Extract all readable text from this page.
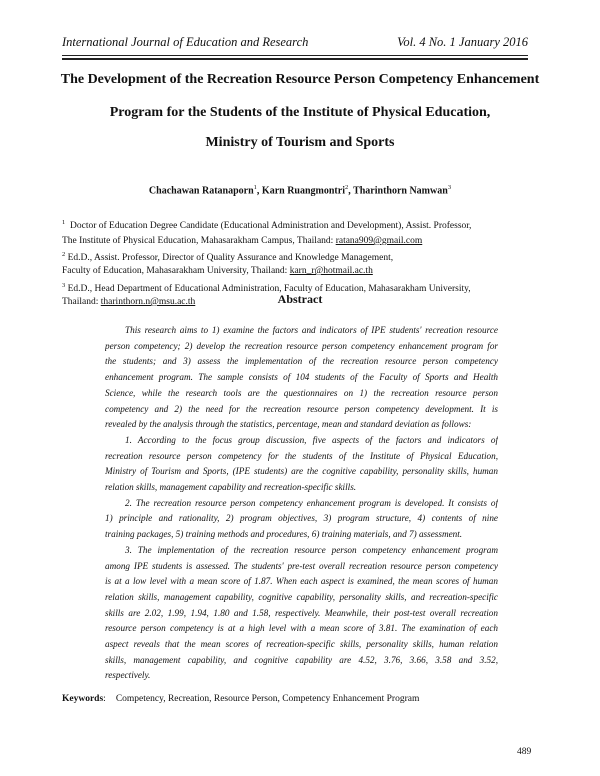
International Journal of Education and Research	Vol. 4 No. 1 January 2016
The Development of the Recreation Resource Person Competency Enhancement
Program for the Students of the Institute of Physical Education,
Ministry of Tourism and Sports
Chachawan Ratanaporn$^1$, Karn Ruangmontri$^2$, Tharinthorn Namwan$^3$
$^1$ Doctor of Education Degree Candidate (Educational Administration and Development), Assist. Professor,
The Institute of Physical Education, Mahasarakham Campus, Thailand: ratana909@gmail.com
$^2$ Ed.D., Assist. Professor, Director of Quality Assurance and Knowledge Management,
Faculty of Education, Mahasarakham University, Thailand: karn_r@hotmail.ac.th
$^3$ Ed.D., Head Department of Educational Administration, Faculty of Education, Mahasarakham University,
Thailand: tharinthorn.n@msu.ac.th	Abstract
This research aims to 1) examine the factors and indicators of IPE students' recreation resource
person competency; 2) develop the recreation resource person competency enhancement program for
the students; and 3) assess the implementation of the recreation resource person competency
enhancement program. The sample consists of 104 students of the Faculty of Sports and Health
Science, while the research tools are the questionnaires on 1) the recreation resource person
competency and 2) the need for the recreation resource person competency development. It is
revealed by the analysis through the statistics, percentage, mean and standard deviation as follows:
1. According to the focus group discussion, five aspects of the factors and indicators of
recreation resource person competency for the students of the Institute of Physical Education,
Ministry of Tourism and Sports, (IPE students) are the cognitive capability, personality skills, human
relation skills, management capability and recreation-specific skills.
2. The recreation resource person competency enhancement program is developed. It consists of
1) principle and rationality, 2) program objectives, 3) program structure, 4) contents of nine
training packages, 5) training methods and procedures, 6) training materials, and 7) assessment.
3. The implementation of the recreation resource person competency enhancement program
among IPE students is assessed. The students' pre-test overall recreation resource person competency
is at a low level with a mean score of 1.87. When each aspect is examined, the mean scores of human
relation skills, management capability, cognitive capability, personality skills, and recreation-specific
skills are 2.02, 1.99, 1.94, 1.80 and 1.58, respectively. Meanwhile, their post-test overall recreation
resource person competency is at a high level with a mean score of 3.81. The examination of each
aspect reveals that the mean scores of recreation-specific skills, personality skills, human relation
skills, management capability, and cognitive capability are 4.52, 3.76, 3.66, 3.58 and 3.52,
respectively.
Keywords: Competency, Recreation, Resource Person, Competency Enhancement Program
489
